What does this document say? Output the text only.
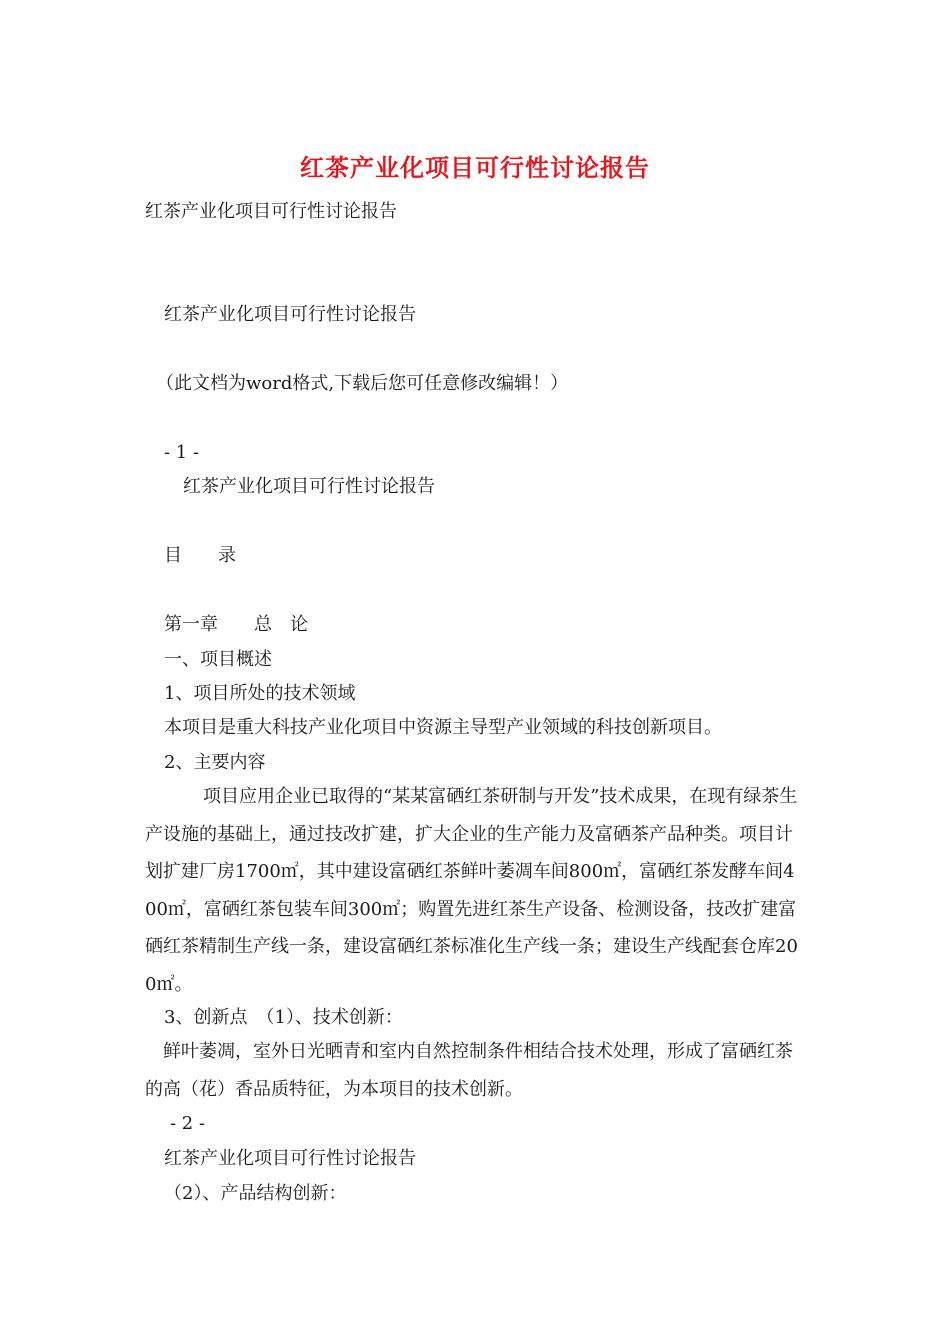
红茶产业化项目可行性讨论报告
红茶产业化项目可行性讨论报告
红茶产业化项目可行性讨论报告
（此文档为word格式,下载后您可任意修改编辑！）
- 1 -
红茶产业化项目可行性讨论报告
目　　录
第一章　　总　论
一、项目概述
1、项目所处的技术领域
本项目是重大科技产业化项目中资源主导型产业领域的科技创新项目。
2、主要内容
项目应用企业已取得的“某某富硒红茶研制与开发”技术成果，在现有绿茶生产设施的基础上，通过技改扩建，扩大企业的生产能力及富硒茶产品种类。项目计划扩建厂房1700㎡，其中建设富硒红茶鲜叶萎凋车间800㎡，富硒红茶发酵车间400㎡，富硒红茶包装车间300㎡；购置先进红茶生产设备、检测设备，技改扩建富硒红茶精制生产线一条，建设富硒红茶标准化生产线一条；建设生产线配套仓库200㎡。
3、创新点　（1）、技术创新：
鲜叶萎凋，室外日光晒青和室内自然控制条件相结合技术处理，形成了富硒红茶的高（花）香品质特征，为本项目的技术创新。
- 2 -
红茶产业化项目可行性讨论报告
（2）、产品结构创新：
